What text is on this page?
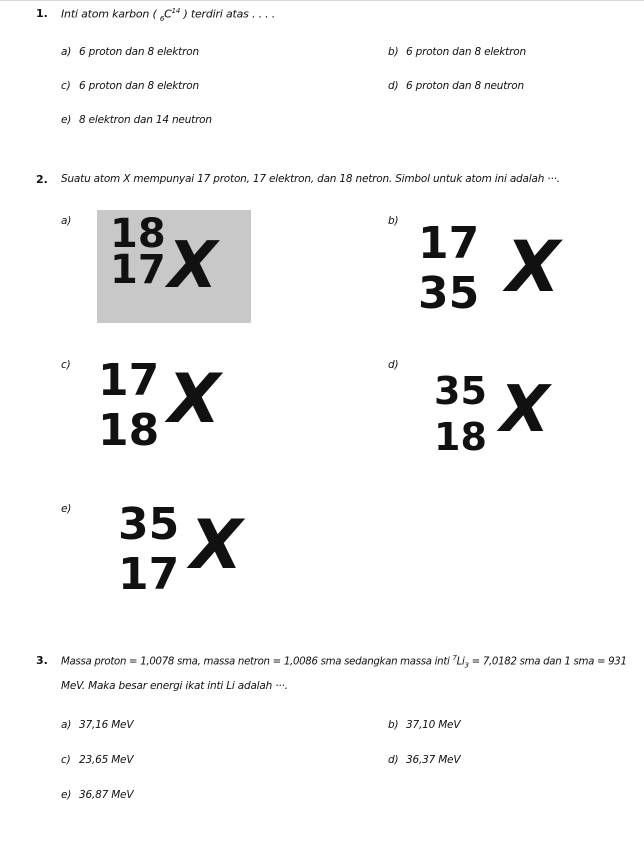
1. Inti atom karbon ( $_6C^{14}$ ) terdiri atas . . . .
a) 6 proton dan 8 elektron	b) 6 proton dan 8 elektron
c) 6 proton dan 8 elektron	d) 6 proton dan 8 neutron
e) 8 elektron dan 14 neutron
2. Suatu atom X mempunyai 17 proton, 17 elektron, dan 18 netron. Simbol untuk atom ini adalah ···.
a) 18
17 X
b) 17
35 X
c) 17
18 X	d)
35
18 X
e) 35
17 X
3. Massa proton = 1,0078 sma, massa netron = 1,0086 sma sedangkan massa inti $^7Li_3 = 7,0182$ sma dan 1 sma = 931
MeV. Maka besar energi ikat inti Li adalah ···.
a) 37,16 MeV	b) 37,10 MeV
c) 23,65 MeV	d) 36,37 MeV
e) 36,87 MeV
